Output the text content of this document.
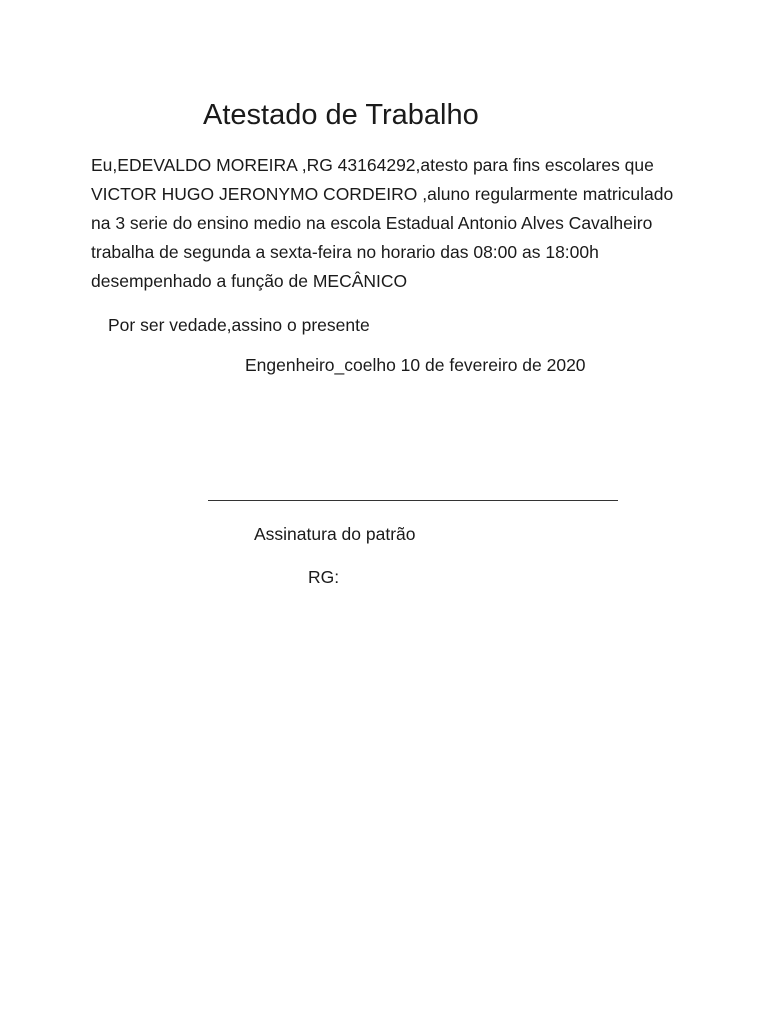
Atestado de Trabalho
Eu,EDEVALDO MOREIRA ,RG 43164292,atesto para fins escolares que
VICTOR HUGO JERONYMO CORDEIRO ,aluno regularmente matriculado
na 3 serie do ensino medio na escola Estadual Antonio Alves Cavalheiro
trabalha de segunda a sexta-feira no horario das 08:00 as 18:00h
desempenhado a função de MECÂNICO
Por ser vedade,assino o presente
Engenheiro_coelho 10 de fevereiro de 2020
Assinatura do patrão
RG:
